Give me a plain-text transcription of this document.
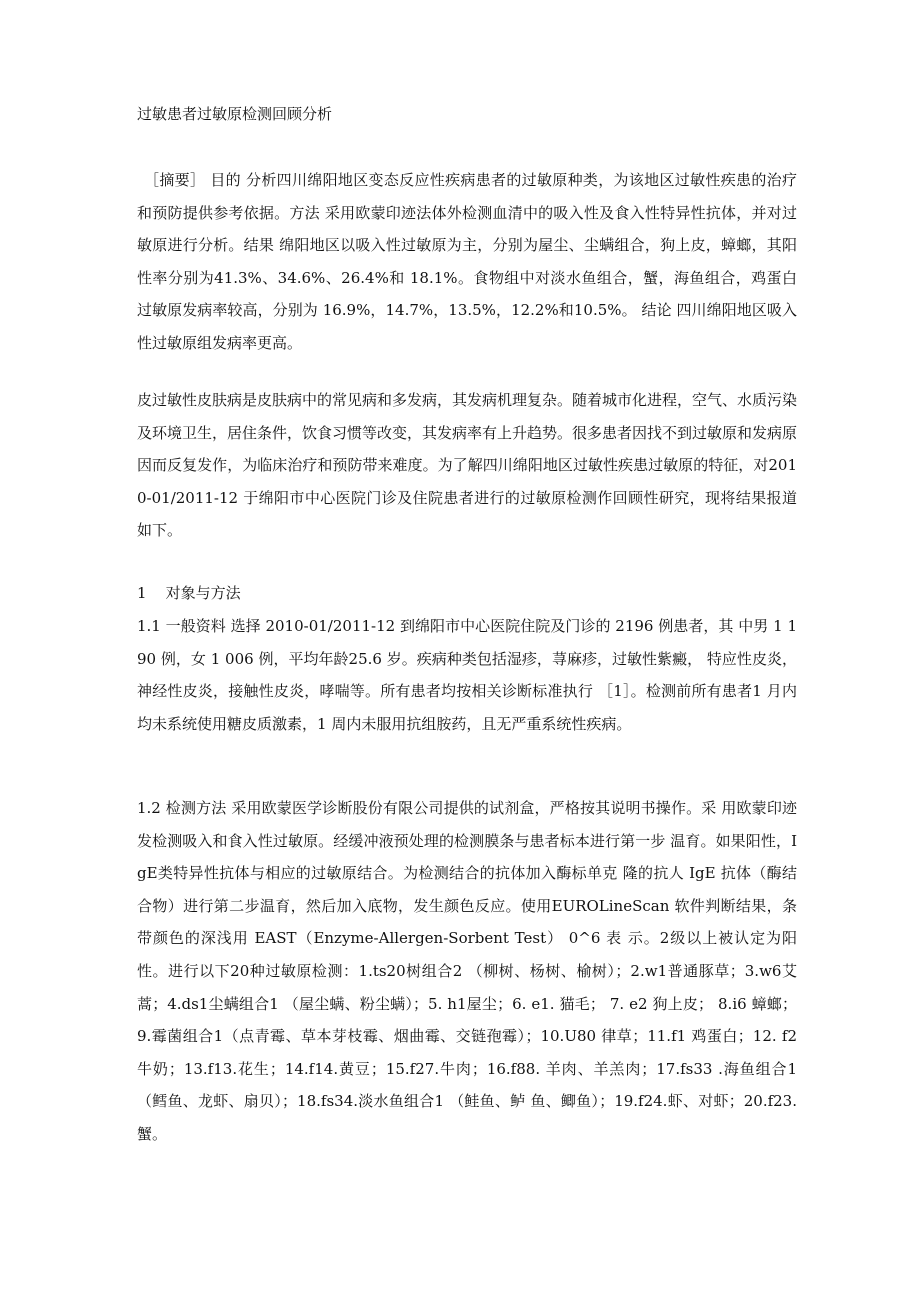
过敏患者过敏原检测回顾分析

［摘要］ 目的 分析四川绵阳地区变态反应性疾病患者的过敏原种类，为该地区过敏性疾患的治疗和预防提供参考依据。方法 采用欧蒙印迹法体外检测血清中的吸入性及食入性特异性抗体，并对过敏原进行分析。结果 绵阳地区以吸入性过敏原为主，分别为屋尘、尘螨组合，狗上皮，蟑螂，其阳性率分别为41.3%、34.6%、26.4%和 18.1%。食物组中对淡水鱼组合，蟹，海鱼组合，鸡蛋白过敏原发病率较高，分别为 16.9%，14.7%，13.5%，12.2%和10.5%。 结论 四川绵阳地区吸入性过敏原组发病率更高。

皮过敏性皮肤病是皮肤病中的常见病和多发病，其发病机理复杂。随着城市化进程，空气、水质污染及环境卫生，居住条件，饮食习惯等改变，其发病率有上升趋势。很多患者因找不到过敏原和发病原因而反复发作，为临床治疗和预防带来难度。为了解四川绵阳地区过敏性疾患过敏原的特征，对2010-01/2011-12 于绵阳市中心医院门诊及住院患者进行的过敏原检测作回顾性研究，现将结果报道如下。

1    对象与方法

1.1 一般资料 选择 2010-01/2011-12 到绵阳市中心医院住院及门诊的 2196 例患者，其 中男 1 190 例，女 1 006 例，平均年龄25.6 岁。疾病种类包括湿疹，荨麻疹，过敏性紫癜， 特应性皮炎，神经性皮炎，接触性皮炎，哮喘等。所有患者均按相关诊断标准执行 ［1］。检测前所有患者1 月内均未系统使用糖皮质激素，1 周内未服用抗组胺药，且无严重系统性疾病。

1.2 检测方法 采用欧蒙医学诊断股份有限公司提供的试剂盒，严格按其说明书操作。采 用欧蒙印迹发检测吸入和食入性过敏原。经缓冲液预处理的检测膜条与患者标本进行第一步 温育。如果阳性，IgE类特异性抗体与相应的过敏原结合。为检测结合的抗体加入酶标单克 隆的抗人 IgE 抗体（酶结合物）进行第二步温育，然后加入底物，发生颜色反应。使用EUROLineScan 软件判断结果，条带颜色的深浅用 EAST（Enzyme-Allergen-Sorbent Test） 0^6 表 示。2级以上被认定为阳性。进行以下20种过敏原检测：1.ts20树组合2 （柳树、杨树、榆树）；2.w1普通豚草；3.w6艾蒿；4.ds1尘螨组合1 （屋尘螨、粉尘螨）；5. h1屋尘；6. e1. 猫毛； 7. e2 狗上皮； 8.i6 蟑螂； 9.霉菌组合1（点青霉、草本芽枝霉、烟曲霉、交链孢霉）；10.U80 律草；11.f1 鸡蛋白；12. f2 牛奶；13.f13.花生；14.f14.黄豆；15.f27.牛肉；16.f88. 羊肉、羊羔肉；17.fs33 .海鱼组合1 （鳕鱼、龙虾、扇贝）；18.fs34.淡水鱼组合1 （鲑鱼、鲈 鱼、鲫鱼）；19.f24.虾、对虾；20.f23.蟹。
